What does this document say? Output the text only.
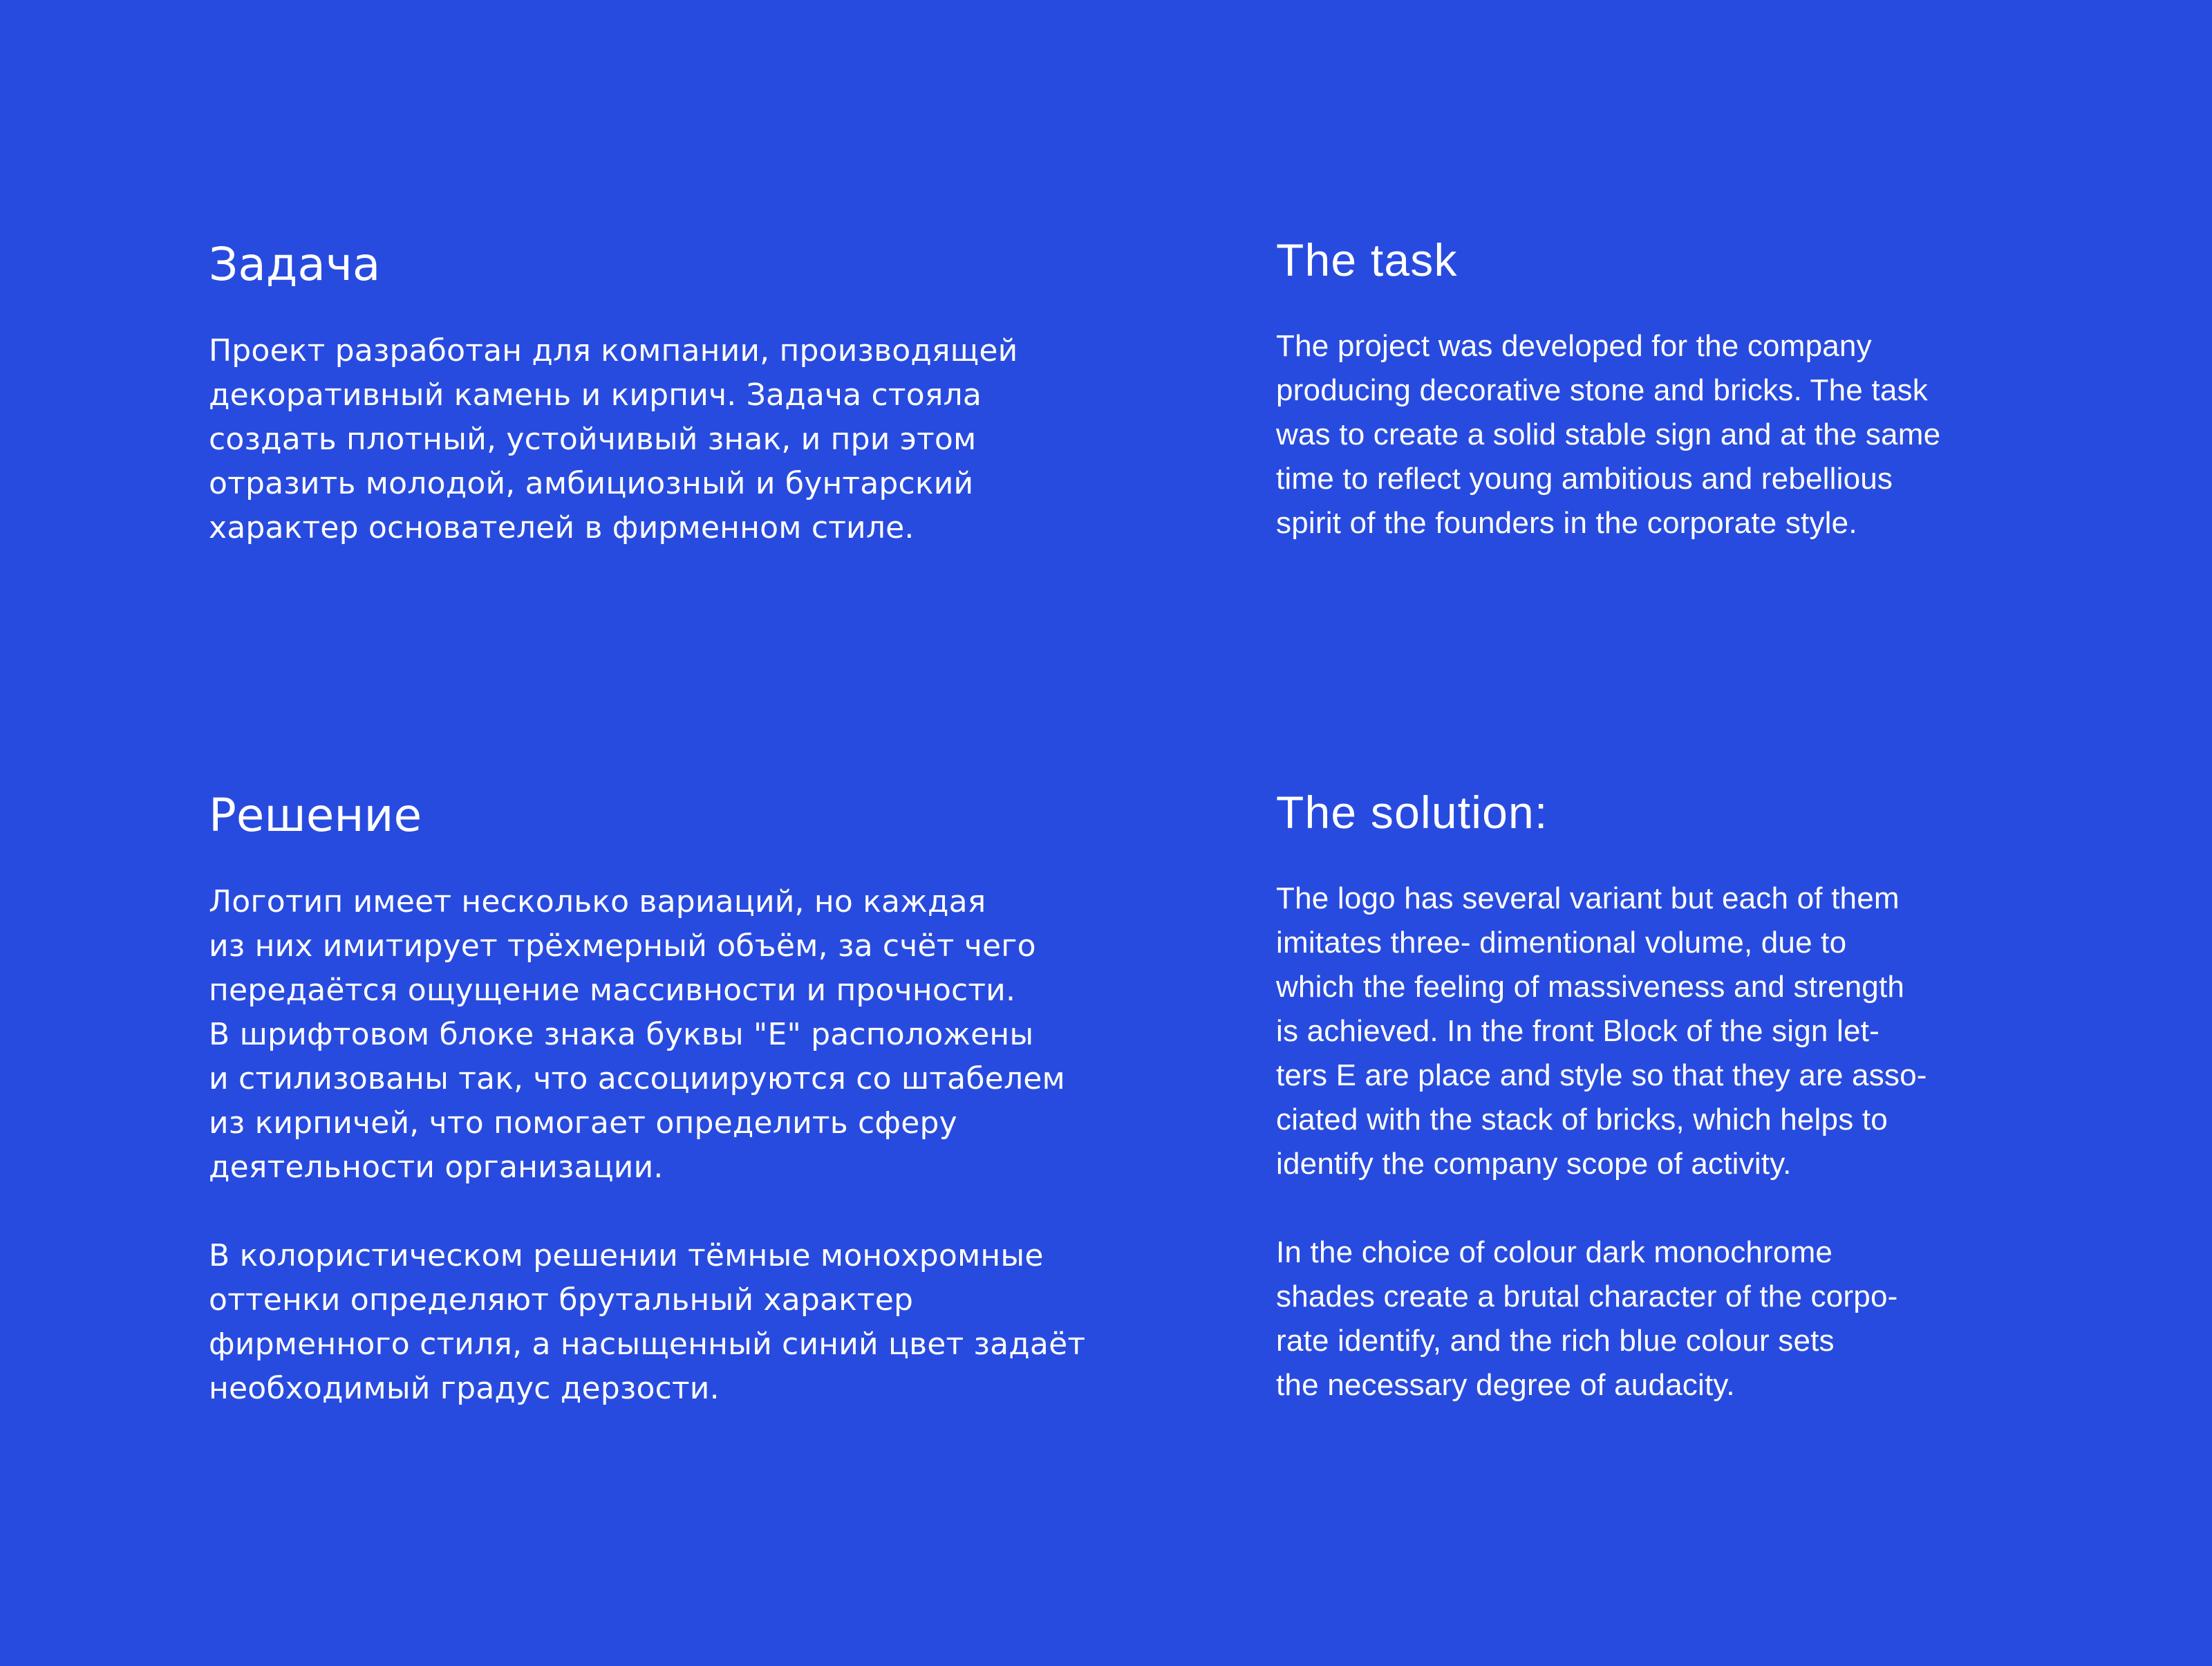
Задача

Проект разработан для компании, производящей
декоративный камень и кирпич. Задача стояла
создать плотный, устойчивый знак, и при этом
отразить молодой, амбициозный и бунтарский
характер основателей в фирменном стиле.

The task

The project was developed for the company
producing decorative stone and bricks. The task
was to create a solid stable sign and at the same
time to reflect young ambitious and rebellious
spirit of the founders in the corporate style.

Решение

Логотип имеет несколько вариаций, но каждая
из них имитирует трёхмерный объём, за счёт чего
передаётся ощущение массивности и прочности.
В шрифтовом блоке знака буквы "Е" расположены
и стилизованы так, что ассоциируются со штабелем
из кирпичей, что помогает определить сферу
деятельности организации.

В колористическом решении тёмные монохромные
оттенки определяют брутальный характер
фирменного стиля, а насыщенный синий цвет задаёт
необходимый градус дерзости.

The solution:

The logo has several variant but each of them
imitates three- dimentional volume, due to
which the feeling of massiveness and strength
is achieved. In the front Block of the sign let-
ters E are place and style so that they are asso-
ciated with the stack of bricks, which helps to
identify the company scope of activity.

In the choice of colour dark monochrome
shades create a brutal character of the corpo-
rate identify, and the rich blue colour sets
the necessary degree of audacity.
